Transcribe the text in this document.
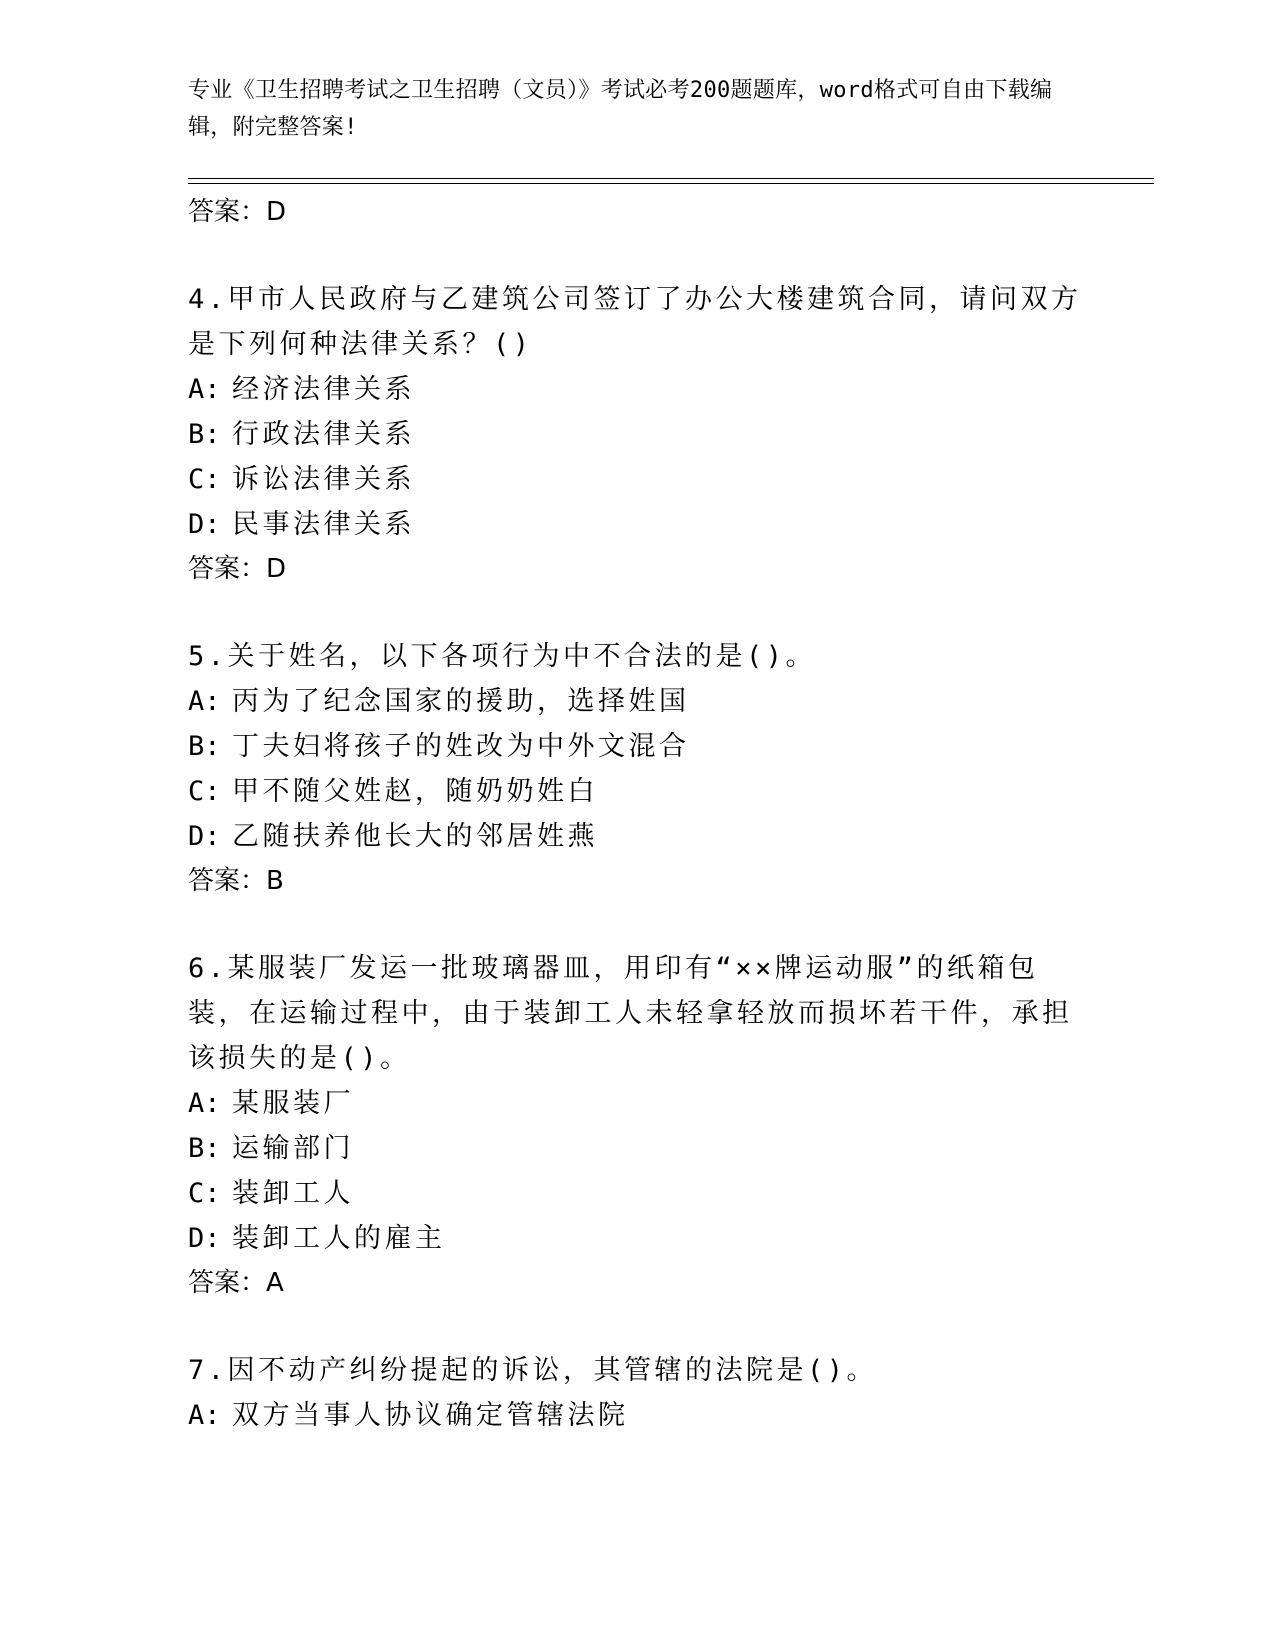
专业《卫生招聘考试之卫生招聘（文员）》考试必考200题题库，word格式可自由下载编辑，附完整答案!
答案：D
4.甲市人民政府与乙建筑公司签订了办公大楼建筑合同，请问双方是下列何种法律关系？()
A: 经济法律关系
B: 行政法律关系
C: 诉讼法律关系
D: 民事法律关系
答案：D
5.关于姓名，以下各项行为中不合法的是()。
A: 丙为了纪念国家的援助，选择姓国
B: 丁夫妇将孩子的姓改为中外文混合
C: 甲不随父姓赵，随奶奶姓白
D: 乙随扶养他长大的邻居姓燕
答案：B
6.某服装厂发运一批玻璃器皿，用印有“××牌运动服”的纸箱包装，在运输过程中，由于装卸工人未轻拿轻放而损坏若干件，承担该损失的是()。
A: 某服装厂
B: 运输部门
C: 装卸工人
D: 装卸工人的雇主
答案：A
7.因不动产纠纷提起的诉讼，其管辖的法院是()。
A: 双方当事人协议确定管辖法院
